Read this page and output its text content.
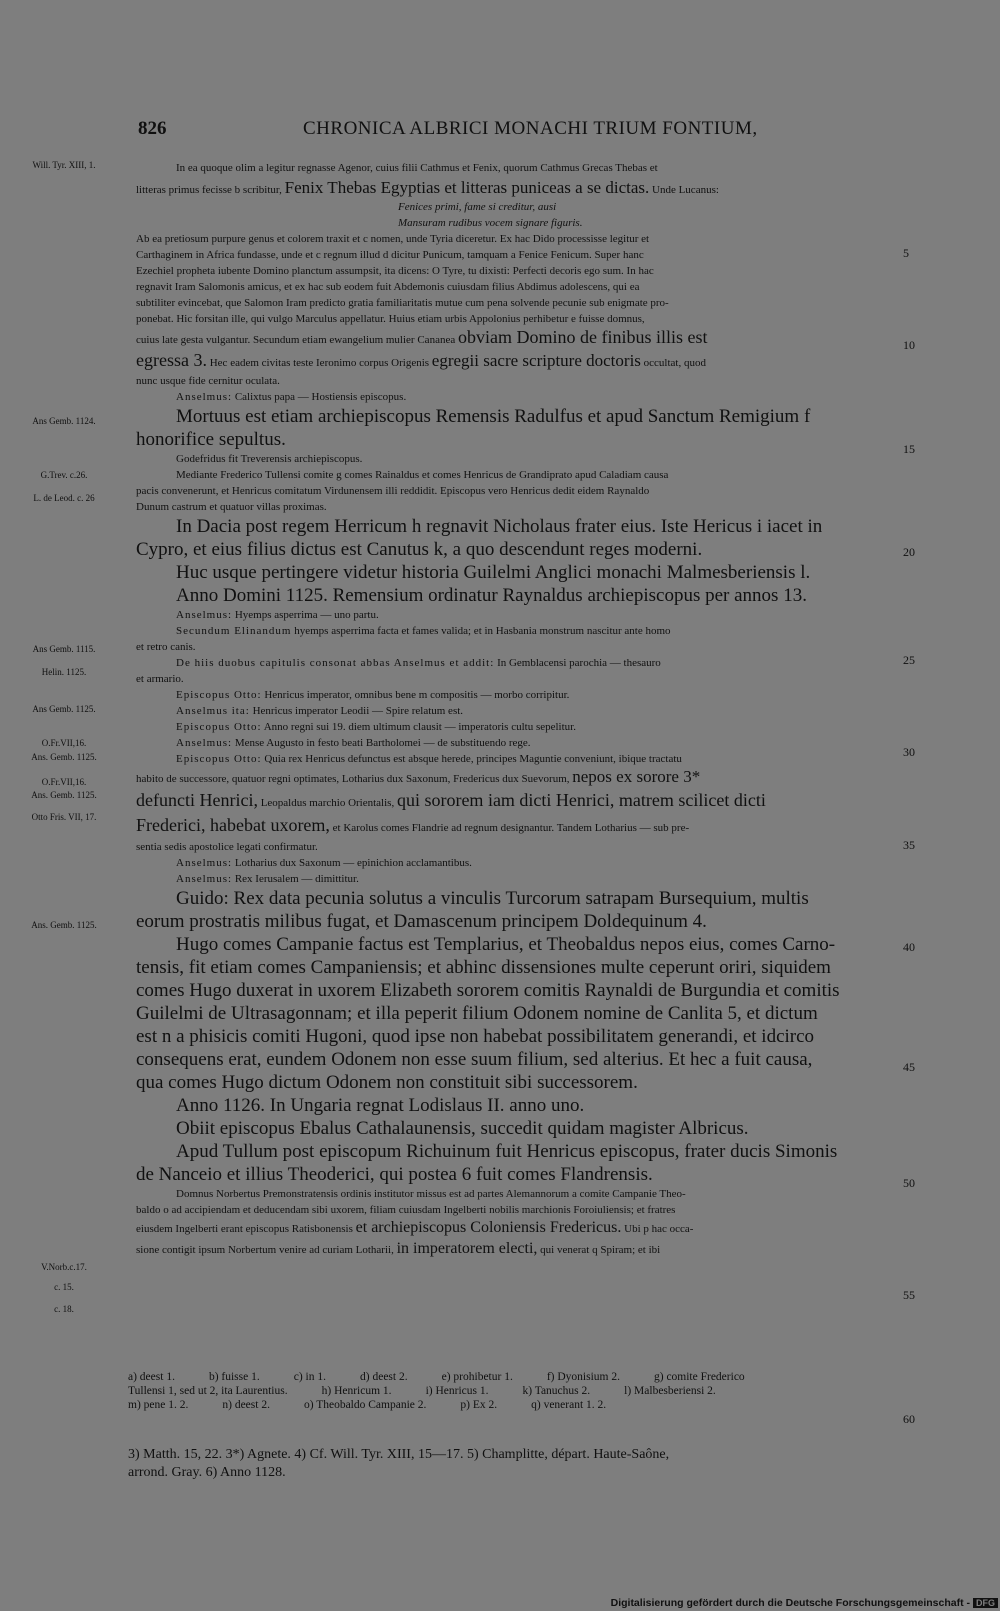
826	CHRONICA ALBRICI MONACHI TRIUM FONTIUM,
Will. Tyr. XIII, 1.
Ans Gemb. 1124.
G.Trev. c.26.
L. de Leod. c. 26
Ans Gemb. 1115.
Helin. 1125.
Ans Gemb. 1125.
O.Fr.VII,16.
Ans. Gemb. 1125.
O.Fr.VII,16.
Ans. Gemb. 1125.
Otto Fris. VII, 17.
Ans. Gemb. 1125.
V.Norb.c.17.
c. 15.
c. 18.
5
10
15
20
25
30
35
40
45
50
55
60
In ea quoque olim a legitur regnasse Agenor, cuius filii Cathmus et Fenix, quorum Cathmus Grecas Thebas et
litteras primus fecisse b scribitur, Fenix Thebas Egyptias et litteras puniceas a se dictas. Unde Lucanus:
Fenices primi, fame si creditur, ausi
Mansuram rudibus vocem signare figuris.
Ab ea pretiosum purpure genus et colorem traxit et c nomen, unde Tyria diceretur. Ex hac Dido processisse legitur et
Carthaginem in Africa fundasse, unde et c regnum illud d dicitur Punicum, tamquam a Fenice Fenicum. Super hanc
Ezechiel propheta iubente Domino planctum assumpsit, ita dicens: O Tyre, tu dixisti: Perfecti decoris ego sum. In hac
regnavit Iram Salomonis amicus, et ex hac sub eodem fuit Abdemonis cuiusdam filius Abdimus adolescens, qui ea
subtiliter evincebat, que Salomon Iram predicto gratia familiaritatis mutue cum pena solvende pecunie sub enigmate pro-
ponebat. Hic forsitan ille, qui vulgo Marculus appellatur. Huius etiam urbis Appolonius perhibetur e fuisse domnus,
cuius late gesta vulgantur. Secundum etiam ewangelium mulier Cananea obviam Domino de finibus illis est
egressa 3. Hec eadem civitas teste Ieronimo corpus Origenis egregii sacre scripture doctoris occultat, quod
nunc usque fide cernitur oculata.
Anselmus: Calixtus papa — Hostiensis episcopus.
Mortuus est etiam archiepiscopus Remensis Radulfus et apud Sanctum Remigium f
honorifice sepultus.
Godefridus fit Treverensis archiepiscopus.
Mediante Frederico Tullensi comite g comes Rainaldus et comes Henricus de Grandiprato apud Caladiam causa
pacis convenerunt, et Henricus comitatum Virdunensem illi reddidit. Episcopus vero Henricus dedit eidem Raynaldo
Dunum castrum et quatuor villas proximas.
In Dacia post regem Herricum h regnavit Nicholaus frater eius. Iste Hericus i iacet in
Cypro, et eius filius dictus est Canutus k, a quo descendunt reges moderni.
Huc usque pertingere videtur historia Guilelmi Anglici monachi Malmesberiensis l.
Anno Domini 1125. Remensium ordinatur Raynaldus archiepiscopus per annos 13.
Anselmus: Hyemps asperrima — uno partu.
Secundum Elinandum hyemps asperrima facta et fames valida; et in Hasbania monstrum nascitur ante homo
et retro canis.
De hiis duobus capitulis consonat abbas Anselmus et addit: In Gemblacensi parochia — thesauro
et armario.
Episcopus Otto: Henricus imperator, omnibus bene m compositis — morbo corripitur.
Anselmus ita: Henricus imperator Leodii — Spire relatum est.
Episcopus Otto: Anno regni sui 19. diem ultimum clausit — imperatoris cultu sepelitur.
Anselmus: Mense Augusto in festo beati Bartholomei — de substituendo rege.
Episcopus Otto: Quia rex Henricus defunctus est absque herede, principes Maguntie conveniunt, ibique tractatu
habito de successore, quatuor regni optimates, Lotharius dux Saxonum, Fredericus dux Suevorum, nepos ex sorore 3*
defuncti Henrici, Leopaldus marchio Orientalis, qui sororem iam dicti Henrici, matrem scilicet dicti
Frederici, habebat uxorem, et Karolus comes Flandrie ad regnum designantur. Tandem Lotharius — sub pre-
sentia sedis apostolice legati confirmatur.
Anselmus: Lotharius dux Saxonum — epinichion acclamantibus.
Anselmus: Rex Ierusalem — dimittitur.
Guido: Rex data pecunia solutus a vinculis Turcorum satrapam Bursequium, multis
eorum prostratis milibus fugat, et Damascenum principem Doldequinum 4.
Hugo comes Campanie factus est Templarius, et Theobaldus nepos eius, comes Carno-
tensis, fit etiam comes Campaniensis; et abhinc dissensiones multe ceperunt oriri, siquidem
comes Hugo duxerat in uxorem Elizabeth sororem comitis Raynaldi de Burgundia et comitis
Guilelmi de Ultrasagonnam; et illa peperit filium Odonem nomine de Canlita 5, et dictum
est n a phisicis comiti Hugoni, quod ipse non habebat possibilitatem generandi, et idcirco
consequens erat, eundem Odonem non esse suum filium, sed alterius. Et hec a fuit causa,
qua comes Hugo dictum Odonem non constituit sibi successorem.
Anno 1126. In Ungaria regnat Lodislaus II. anno uno.
Obiit episcopus Ebalus Cathalaunensis, succedit quidam magister Albricus.
Apud Tullum post episcopum Richuinum fuit Henricus episcopus, frater ducis Simonis
de Nanceio et illius Theoderici, qui postea 6 fuit comes Flandrensis.
Domnus Norbertus Premonstratensis ordinis institutor missus est ad partes Alemannorum a comite Campanie Theo-
baldo o ad accipiendam et deducendam sibi uxorem, filiam cuiusdam Ingelberti nobilis marchionis Foroiuliensis; et fratres
eiusdem Ingelberti erant episcopus Ratisbonensis et archiepiscopus Coloniensis Fredericus. Ubi p hac occa-
sione contigit ipsum Norbertum venire ad curiam Lotharii, in imperatorem electi, qui venerat q Spiram; et ibi
a) deest 1.	b) fuisse 1.	c) in 1.	d) deest 2.	e) prohibetur 1.	f) Dyonisium 2.	g) comite Frederico
Tullensi 1, sed ut 2, ita Laurentius.	h) Henricum 1.	i) Henricus 1.	k) Tanuchus 2.	l) Malbesberiensi 2.
m) pene 1. 2.	n) deest 2.	o) Theobaldo Campanie 2.	p) Ex 2.	q) venerant 1. 2.
3) Matth. 15, 22. 3*) Agnete. 4) Cf. Will. Tyr. XIII, 15—17. 5) Champlitte, départ. Haute-Saône,
arrond. Gray. 6) Anno 1128.
Digitalisierung gefördert durch die Deutsche Forschungsgemeinschaft - DFG
